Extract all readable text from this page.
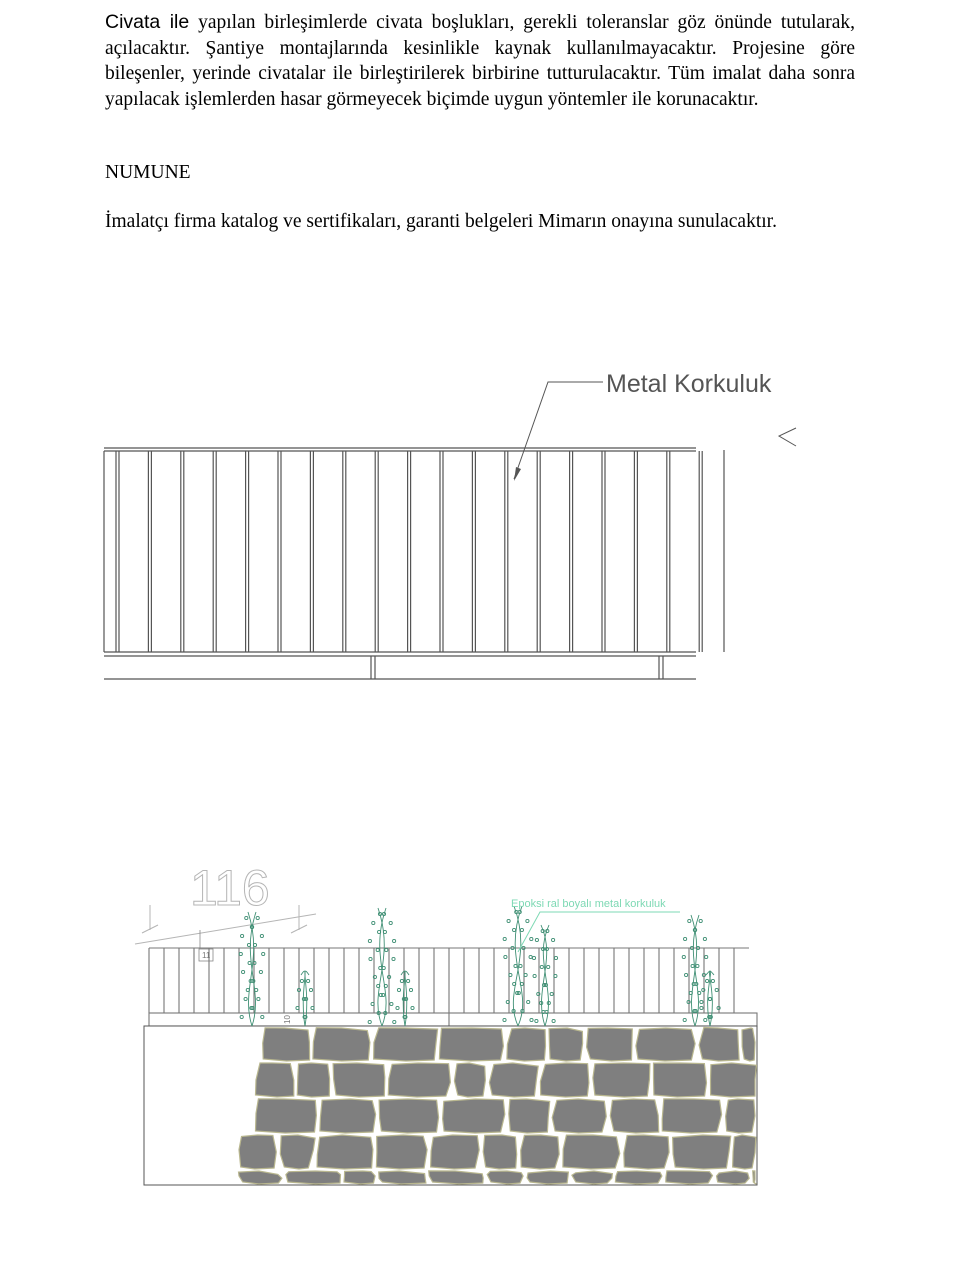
Civata ile yapılan birleşimlerde civata boşlukları, gerekli toleranslar göz önünde tutularak, açılacaktır. Şantiye montajlarında kesinlikle kaynak kullanılmayacaktır. Projesine göre bileşenler, yerinde civatalar ile birleştirilerek birbirine tutturulacaktır. Tüm imalat daha sonra yapılacak işlemlerden hasar görmeyecek biçimde uygun yöntemler ile korunacaktır.

NUMUNE

İmalatçı firma katalog ve sertifikaları, garanti belgeleri Mimarın onayına sunulacaktır.

Metal Korkuluk
116
11
10
Epoksi ral boyalı metal korkuluk
